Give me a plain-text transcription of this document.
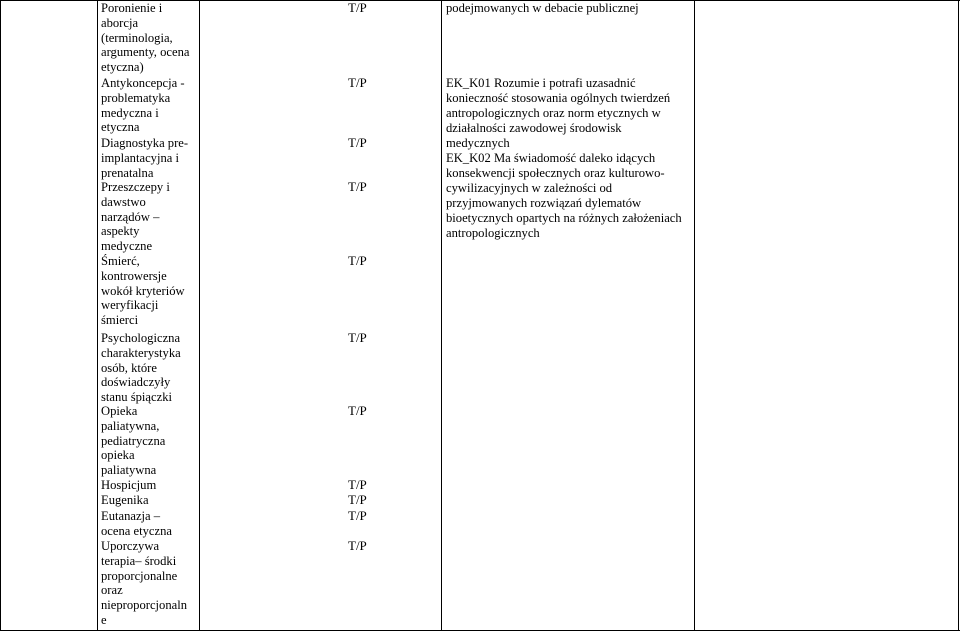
Poronienie i

aborcja

(terminologia,

argumenty, ocena

etyczna)

Antykoncepcja -

problematyka

medyczna i

etyczna

Diagnostyka pre-

implantacyjna i

prenatalna

Przeszczepy i

dawstwo

narządów –

aspekty

medyczne

Śmierć,

kontrowersje

wokół kryteriów

weryfikacji

śmierci

Psychologiczna

charakterystyka

osób, które

doświadczyły

stanu śpiączki

Opieka

paliatywna,

pediatryczna

opieka

paliatywna

Hospicjum

Eugenika

Eutanazja –

ocena etyczna

Uporczywa

terapia– środki

proporcjonalne

oraz

nieproporcjonaln

e

T/P
T/P
T/P
T/P
T/P
T/P
T/P
T/P
T/P
T/P
T/P

podejmowanych w debacie publicznej

EK_K01 Rozumie i potrafi uzasadnić

konieczność stosowania ogólnych twierdzeń

antropologicznych oraz norm etycznych w

działalności zawodowej środowisk

medycznych

EK_K02 Ma świadomość daleko idących

konsekwencji społecznych oraz kulturowo-

cywilizacyjnych w zależności od

przyjmowanych rozwiązań dylematów

bioetycznych opartych na różnych założeniach

antropologicznych
